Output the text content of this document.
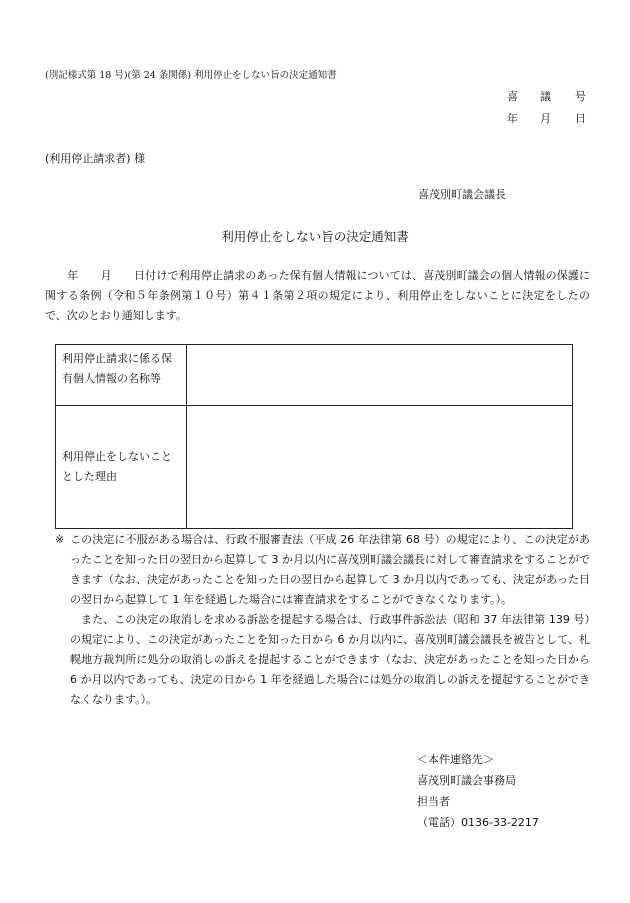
(別記様式第 18 号)(第 24 条関係) 利用停止をしない旨の決定通知書
喜 議 号
年 月 日
(利用停止請求者) 様
喜茂別町議会議長
利用停止をしない旨の決定通知書
　　年　　月　　日付けで利用停止請求のあった保有個人情報については、喜茂別町議会の個人情報の保護に関する条例（令和５年条例第１０号）第４１条第２項の規定により、利用停止をしないことに決定をしたので、次のとおり通知します。
利用停止請求に係る保有個人情報の名称等	
利用停止をしないこととした理由	
※ この決定に不服がある場合は、行政不服審査法（平成 26 年法律第 68 号）の規定により、この決定があったことを知った日の翌日から起算して 3 か月以内に喜茂別町議会議長に対して審査請求をすることができます（なお、決定があったことを知った日の翌日から起算して 3 か月以内であっても、決定があった日の翌日から起算して 1 年を経過した場合には審査請求をすることができなくなります。）。

また、この決定の取消しを求める訴訟を提起する場合は、行政事件訴訟法（昭和 37 年法律第 139 号）の規定により、この決定があったことを知った日から 6 か月以内に、喜茂別町議会議長を被告として、札幌地方裁判所に処分の取消しの訴えを提起することができます（なお、決定があったことを知った日から 6 か月以内であっても、決定の日から 1 年を経過した場合には処分の取消しの訴えを提起することができなくなります。）。

＜本件連絡先＞
喜茂別町議会事務局
担当者
（電話）0136-33-2217
